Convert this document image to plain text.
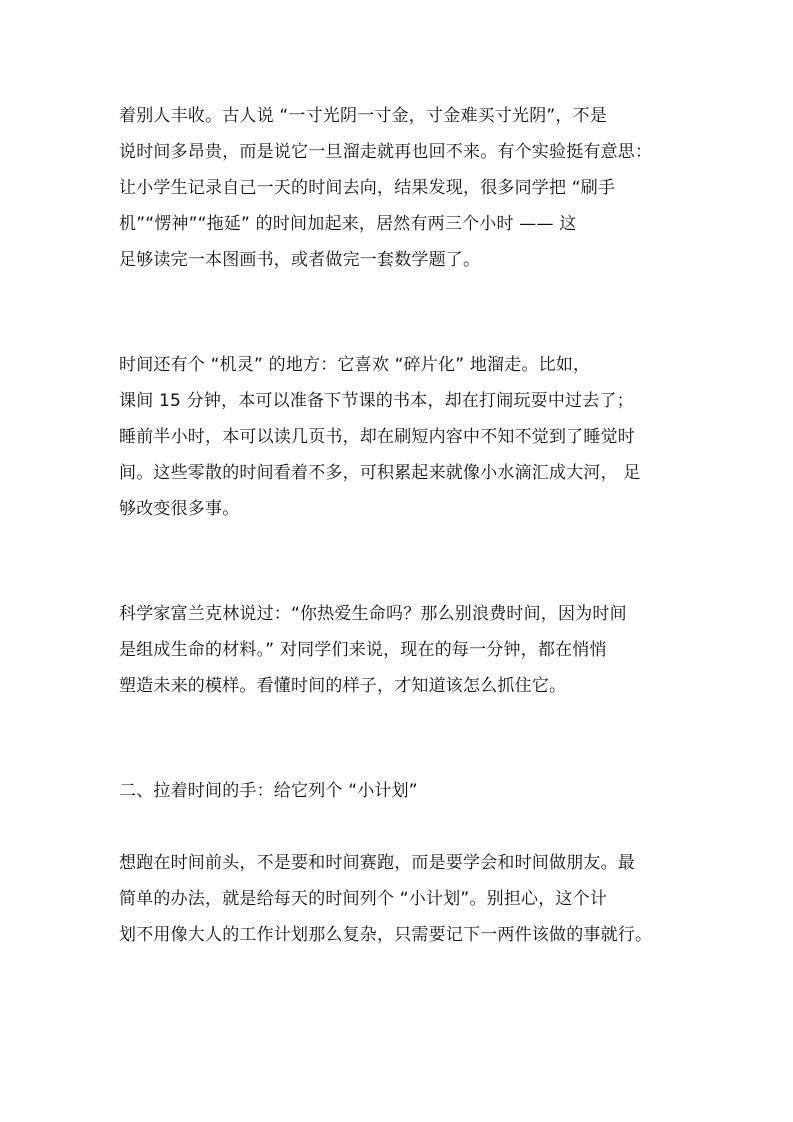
着别人丰收。古人说 “一寸光阴一寸金，寸金难买寸光阴”，不是
说时间多昂贵，而是说它一旦溜走就再也回不来。有个实验挺有意思：
让小学生记录自己一天的时间去向，结果发现，很多同学把 “刷手
机”“愣神”“拖延” 的时间加起来，居然有两三个小时 —— 这
足够读完一本图画书，或者做完一套数学题了。
时间还有个 “机灵” 的地方：它喜欢 “碎片化” 地溜走。比如，
课间 15 分钟，本可以准备下节课的书本，却在打闹玩耍中过去了；
睡前半小时，本可以读几页书，却在刷短内容中不知不觉到了睡觉时
间。这些零散的时间看着不多，可积累起来就像小水滴汇成大河， 足
够改变很多事。
科学家富兰克林说过：“你热爱生命吗？那么别浪费时间，因为时间
是组成生命的材料。” 对同学们来说，现在的每一分钟，都在悄悄
塑造未来的模样。看懂时间的样子，才知道该怎么抓住它。
二、拉着时间的手：给它列个 “小计划”
想跑在时间前头，不是要和时间赛跑，而是要学会和时间做朋友。最
简单的办法，就是给每天的时间列个 “小计划”。别担心，这个计
划不用像大人的工作计划那么复杂，只需要记下一两件该做的事就行。
